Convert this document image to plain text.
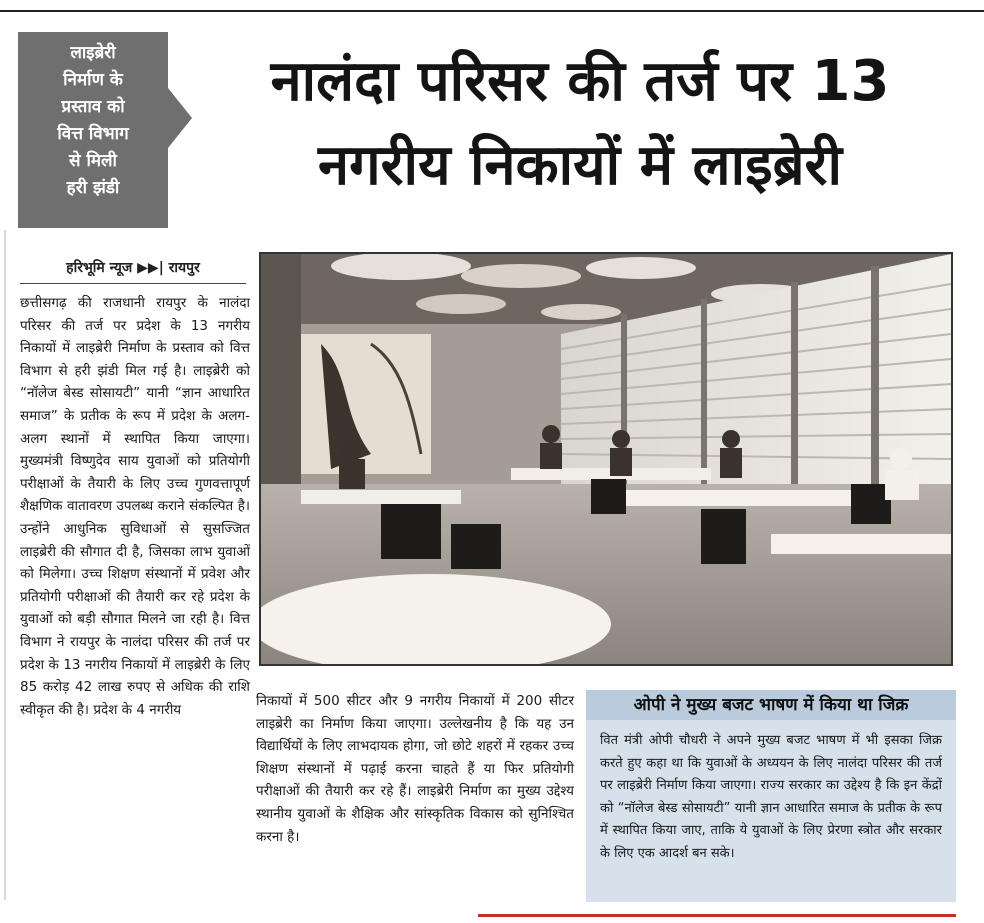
लाइब्रेरी
निर्माण के
प्रस्ताव को
वित्त विभाग
से मिली
हरी झंडी
नालंदा परिसर की तर्ज पर 13
नगरीय निकायों में लाइब्रेरी
हरिभूमि न्यूज ▶▶| रायपुर
छत्तीसगढ़ की राजधानी रायपुर के नालंदा परिसर की तर्ज पर प्रदेश के 13 नगरीय निकायों में लाइब्रेरी निर्माण के प्रस्ताव को वित्त विभाग से हरी झंडी मिल गई है। लाइब्रेरी को “नॉलेज बेस्ड सोसायटी” यानी “ज्ञान आधारित समाज” के प्रतीक के रूप में प्रदेश के अलग-अलग स्थानों में स्थापित किया जाएगा। मुख्यमंत्री विष्णुदेव साय युवाओं को प्रतियोगी परीक्षाओं के तैयारी के लिए उच्च गुणवत्तापूर्ण शैक्षणिक वातावरण उपलब्ध कराने संकल्पित है। उन्होंने आधुनिक सुविधाओं से सुसज्जित लाइब्रेरी की सौगात दी है, जिसका लाभ युवाओं को मिलेगा। उच्च शिक्षण संस्थानों में प्रवेश और प्रतियोगी परीक्षाओं की तैयारी कर रहे प्रदेश के युवाओं को बड़ी सौगात मिलने जा रही है। वित्त विभाग ने रायपुर के नालंदा परिसर की तर्ज पर प्रदेश के 13 नगरीय निकायों में लाइब्रेरी के लिए 85 करोड़ 42 लाख रुपए से अधिक की राशि स्वीकृत की है। प्रदेश के 4 नगरीय
निकायों में 500 सीटर और 9 नगरीय निकायों में 200 सीटर लाइब्रेरी का निर्माण किया जाएगा। उल्लेखनीय है कि यह उन विद्यार्थियों के लिए लाभदायक होगा, जो छोटे शहरों में रहकर उच्च शिक्षण संस्थानों में पढ़ाई करना चाहते हैं या फिर प्रतियोगी परीक्षाओं की तैयारी कर रहे हैं। लाइब्रेरी निर्माण का मुख्य उद्देश्य स्थानीय युवाओं के शैक्षिक और सांस्कृतिक विकास को सुनिश्चित करना है।
ओपी ने मुख्य बजट भाषण में किया था जिक्र
वित मंत्री ओपी चौधरी ने अपने मुख्य बजट भाषण में भी इसका जिक्र करते हुए कहा था कि युवाओं के अध्ययन के लिए नालंदा परिसर की तर्ज पर लाइब्रेरी निर्माण किया जाएगा। राज्य सरकार का उद्देश्य है कि इन केंद्रों को “नॉलेज बेस्ड सोसायटी” यानी ज्ञान आधारित समाज के प्रतीक के रूप में स्थापित किया जाए, ताकि ये युवाओं के लिए प्रेरणा स्त्रोत और सरकार के लिए एक आदर्श बन सके।
